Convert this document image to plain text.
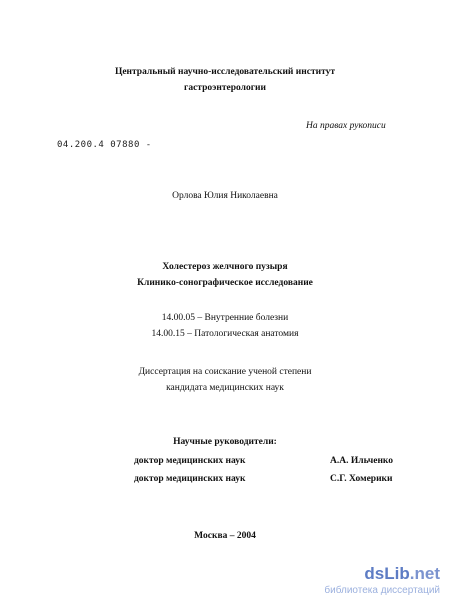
Центральный научно-исследовательский институт
гастроэнтерологии
На правах рукописи
04.200.4 07880 -
Орлова Юлия Николаевна
Холестероз желчного пузыря
Клинико-сонографическое исследование
14.00.05 – Внутренние болезни
14.00.15 – Патологическая анатомия
Диссертация на соискание ученой степени
кандидата медицинских наук
Научные руководители:
доктор медицинских наук	А.А. Ильченко
доктор медицинских наук	С.Г. Хомерики
Москва – 2004
dsLib.net
библиотека диссертаций
